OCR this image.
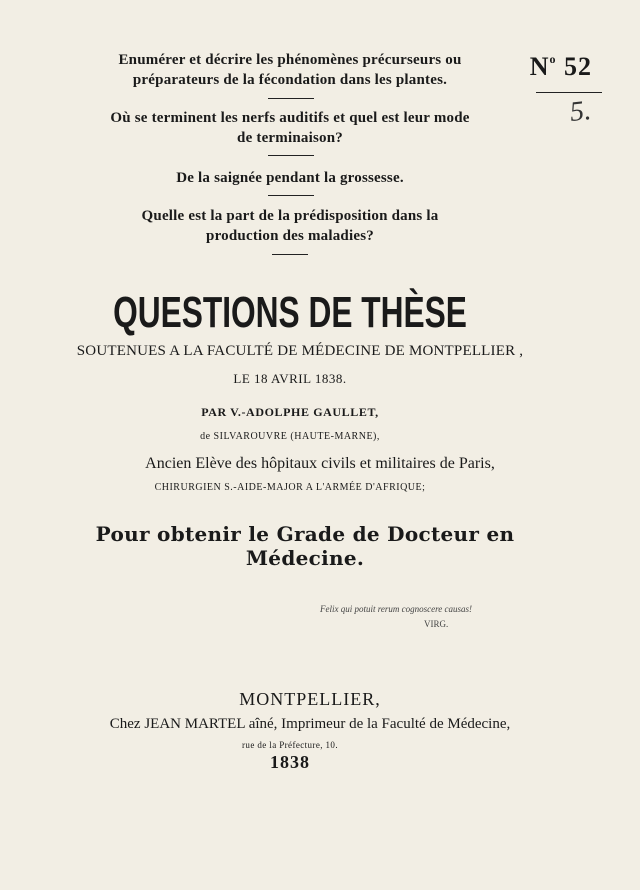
$N^o$ 52
5.
Enumérer et décrire les phénomènes précurseurs ou
préparateurs de la fécondation dans les plantes.
Où se terminent les nerfs auditifs et quel est leur mode
de terminaison?
De la saignée pendant la grossesse.
Quelle est la part de la prédisposition dans la
production des maladies?
QUESTIONS DE THÈSE
SOUTENUES A LA FACULTÉ DE MÉDECINE DE MONTPELLIER ,
LE 18 AVRIL 1838.
PAR V.-ADOLPHE GAULLET,
de SILVAROUVRE (HAUTE-MARNE),
Ancien Elève des hôpitaux civils et militaires de Paris,
CHIRURGIEN S.-AIDE-MAJOR A L'ARMÉE D'AFRIQUE;
Pour obtenir le Grade de Docteur en Médecine.
Felix qui potuit rerum cognoscere causas!
VIRG.
MONTPELLIER,
Chez JEAN MARTEL aîné, Imprimeur de la Faculté de Médecine,
rue de la Préfecture, 10.
1838
